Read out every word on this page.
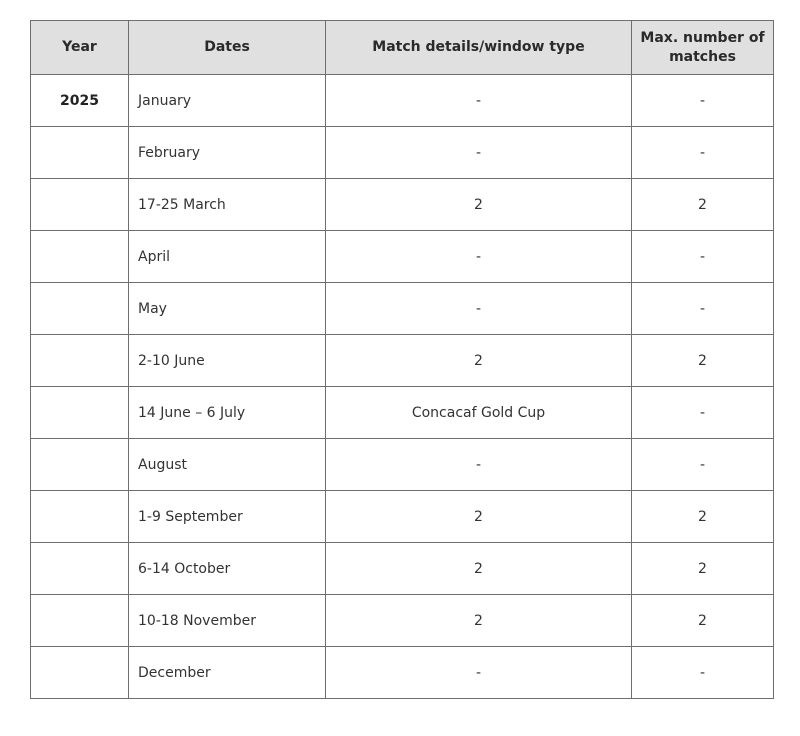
Year	Dates	Match details/window type	Max. number of matches
2025	January	-	-
	February	-	-
	17-25 March	2	2
	April	-	-
	May	-	-
	2-10 June	2	2
	14 June – 6 July	Concacaf Gold Cup	-
	August	-	-
	1-9 September	2	2
	6-14 October	2	2
	10-18 November	2	2
	December	-	-
